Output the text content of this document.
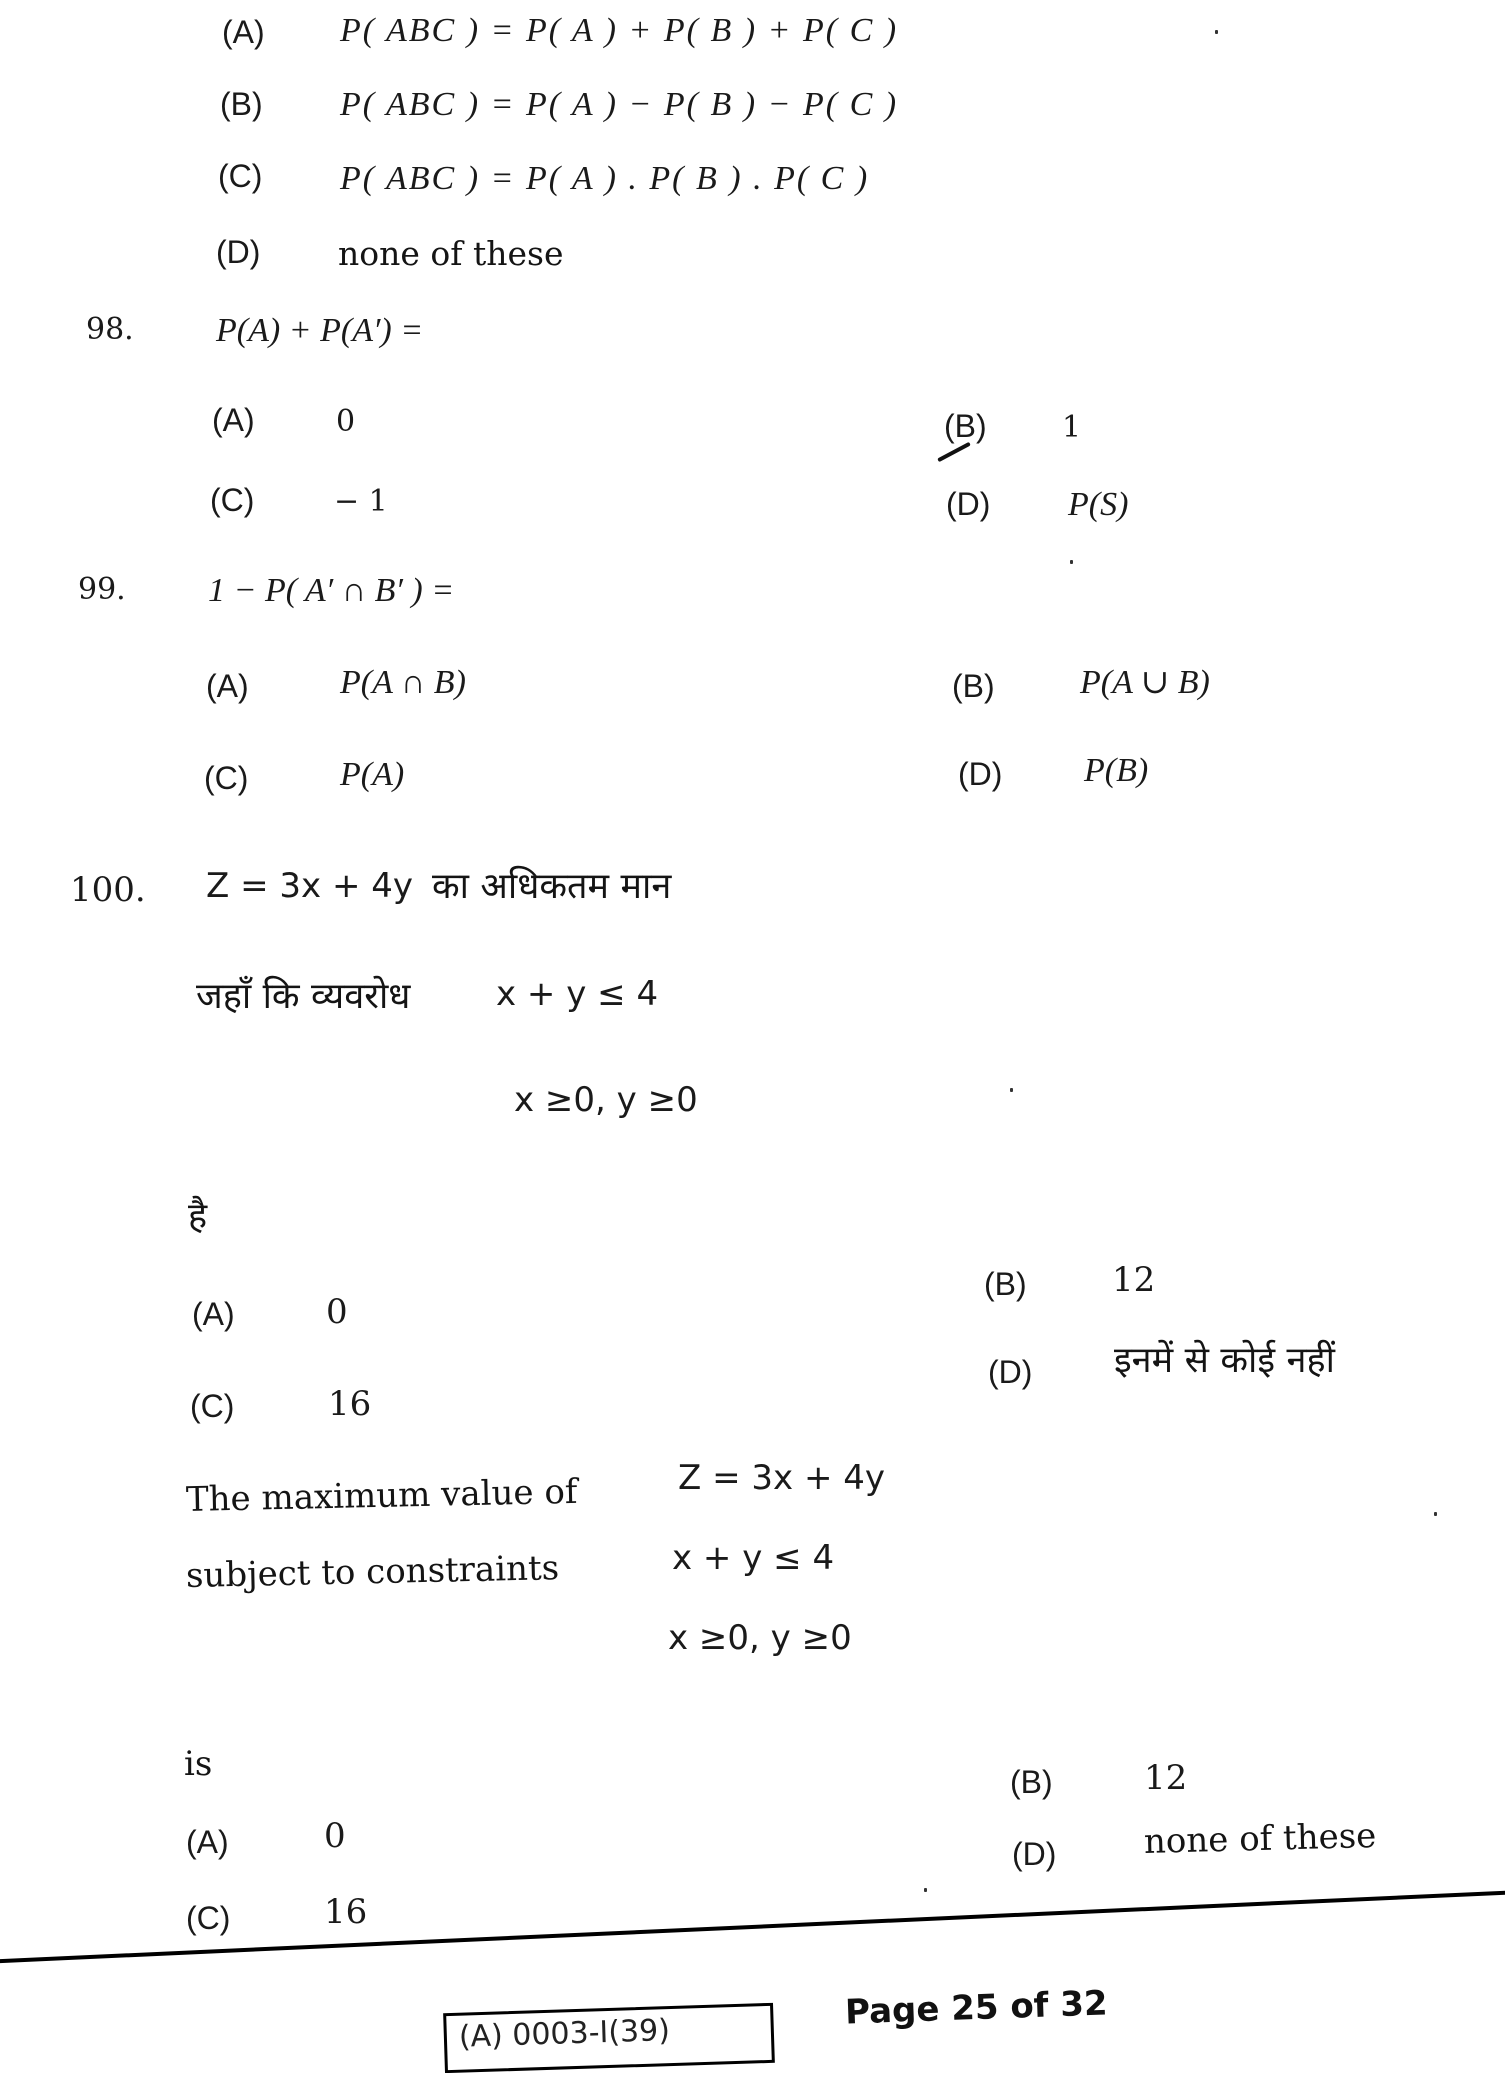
(A) P( ABC ) = P( A ) + P( B ) + P( C )
(B) P( ABC ) = P( A ) − P( B ) − P( C )
(C) P( ABC ) = P( A ) . P( B ) . P( C )
(D) none of these
98. P(A) + P(A′) =
(A)	0	(B)	1
(C)	− 1	(D) P(S)
99. 1 − P( A′ ∩ B′ ) =
(A)	P(A ∩ B)	(B)	P(A ∪ B)
(C)	P(A)	(D) P(B)
100. Z = 3x + 4y का अधिकतम मान
जहाँ कि व्यवरोध	x + y ≤ 4
x ≥0, y ≥0
है
(A)	0
(B)	12
(C)	16
(D) इनमें से कोई नहीं
The maximum value of	Z = 3x + 4y
subject to constraints	x + y ≤ 4
x ≥0, y ≥0
is
(A)	0
(B)	12
(C)	16
(D)	none of these
(A) 0003-I(39)
Page 25 of 32
